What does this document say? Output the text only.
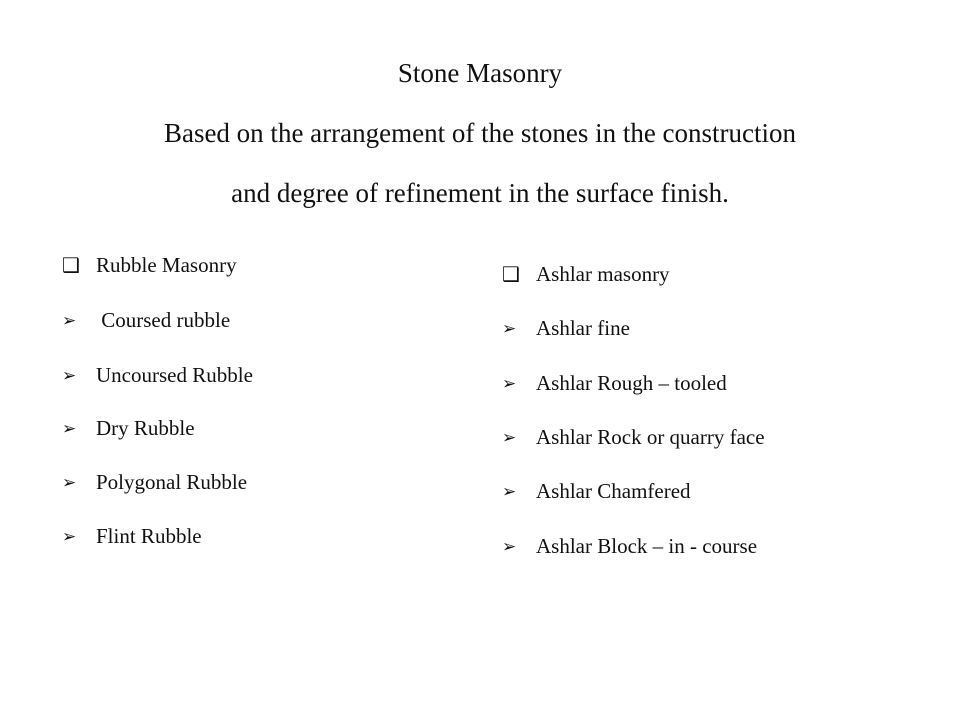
Stone Masonry
Based on the arrangement of the stones in the construction
and degree of refinement in the surface finish.
❑ Rubble Masonry
➢ Coursed rubble
➢ Uncoursed Rubble
➢ Dry Rubble
➢ Polygonal Rubble
➢ Flint Rubble
❑ Ashlar masonry
➢ Ashlar fine
➢ Ashlar Rough – tooled
➢ Ashlar Rock or quarry face
➢ Ashlar Chamfered
➢ Ashlar Block – in - course
